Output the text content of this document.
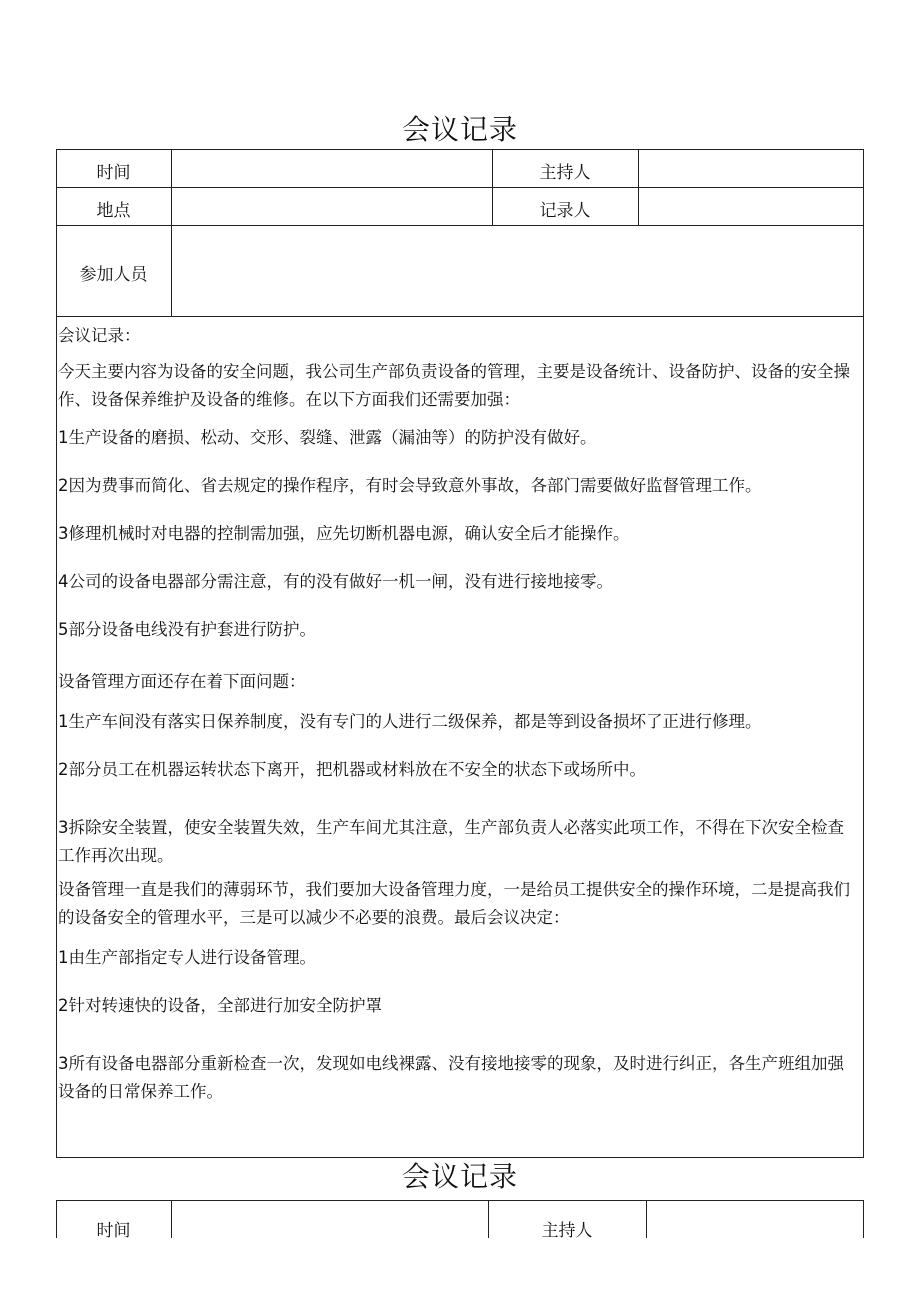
会议记录
时间	主持人
地点	记录人
参加人员

会议记录：

今天主要内容为设备的安全问题，我公司生产部负责设备的管理，主要是设备统计、设备防护、设备的安全操作、设备保养维护及设备的维修。在以下方面我们还需要加强：

1生产设备的磨损、松动、交形、裂缝、泄露（漏油等）的防护没有做好。

2因为费事而简化、省去规定的操作程序，有时会导致意外事故，各部门需要做好监督管理工作。

3修理机械时对电器的控制需加强，应先切断机器电源，确认安全后才能操作。

4公司的设备电器部分需注意，有的没有做好一机一闸，没有进行接地接零。

5部分设备电线没有护套进行防护。

设备管理方面还存在着下面问题：

1生产车间没有落实日保养制度，没有专门的人进行二级保养，都是等到设备损坏了正进行修理。

2部分员工在机器运转状态下离开，把机器或材料放在不安全的状态下或场所中。

3拆除安全装置，使安全装置失效，生产车间尤其注意，生产部负责人必落实此项工作，不得在下次安全检查工作再次出现。

设备管理一直是我们的薄弱环节，我们要加大设备管理力度，一是给员工提供安全的操作环境，二是提高我们的设备安全的管理水平，三是可以减少不必要的浪费。最后会议决定：

1由生产部指定专人进行设备管理。

2针对转速快的设备，全部进行加安全防护罩

3所有设备电器部分重新检查一次，发现如电线裸露、没有接地接零的现象，及时进行纠正，各生产班组加强设备的日常保养工作。

会议记录
时间	主持人
